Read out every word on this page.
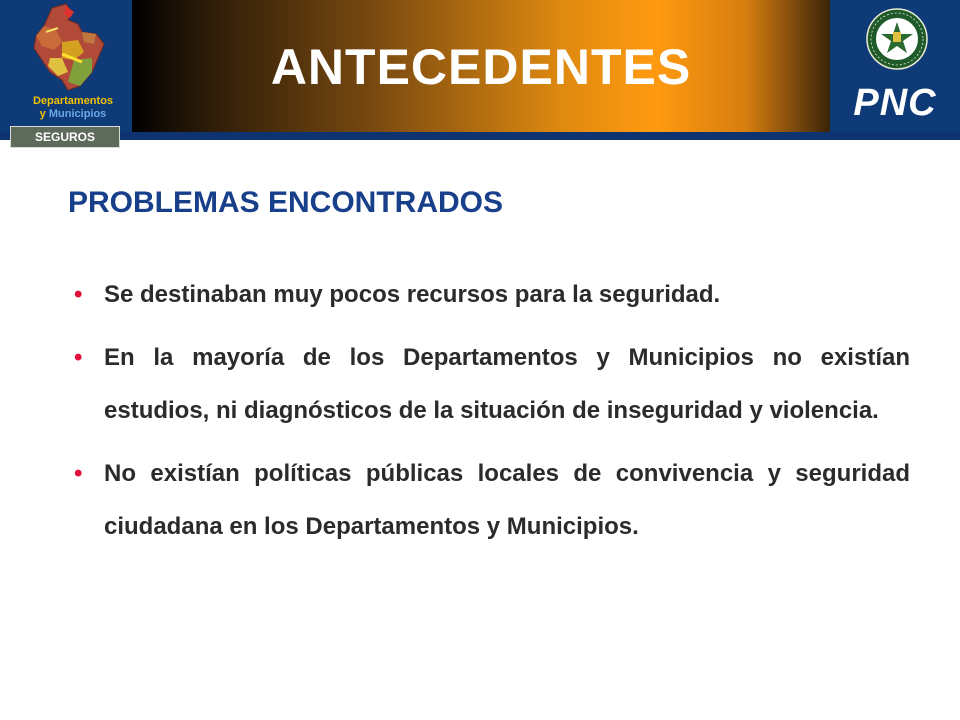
ANTECEDENTES
Departamentos
y Municipios
SEGUROS
PNC
PROBLEMAS ENCONTRADOS
• Se destinaban muy pocos recursos para la seguridad.
• En la mayoría de los Departamentos y Municipios no existían estudios, ni diagnósticos de la situación de inseguridad y violencia.
• No existían políticas públicas locales de convivencia y seguridad ciudadana en los Departamentos y Municipios.
